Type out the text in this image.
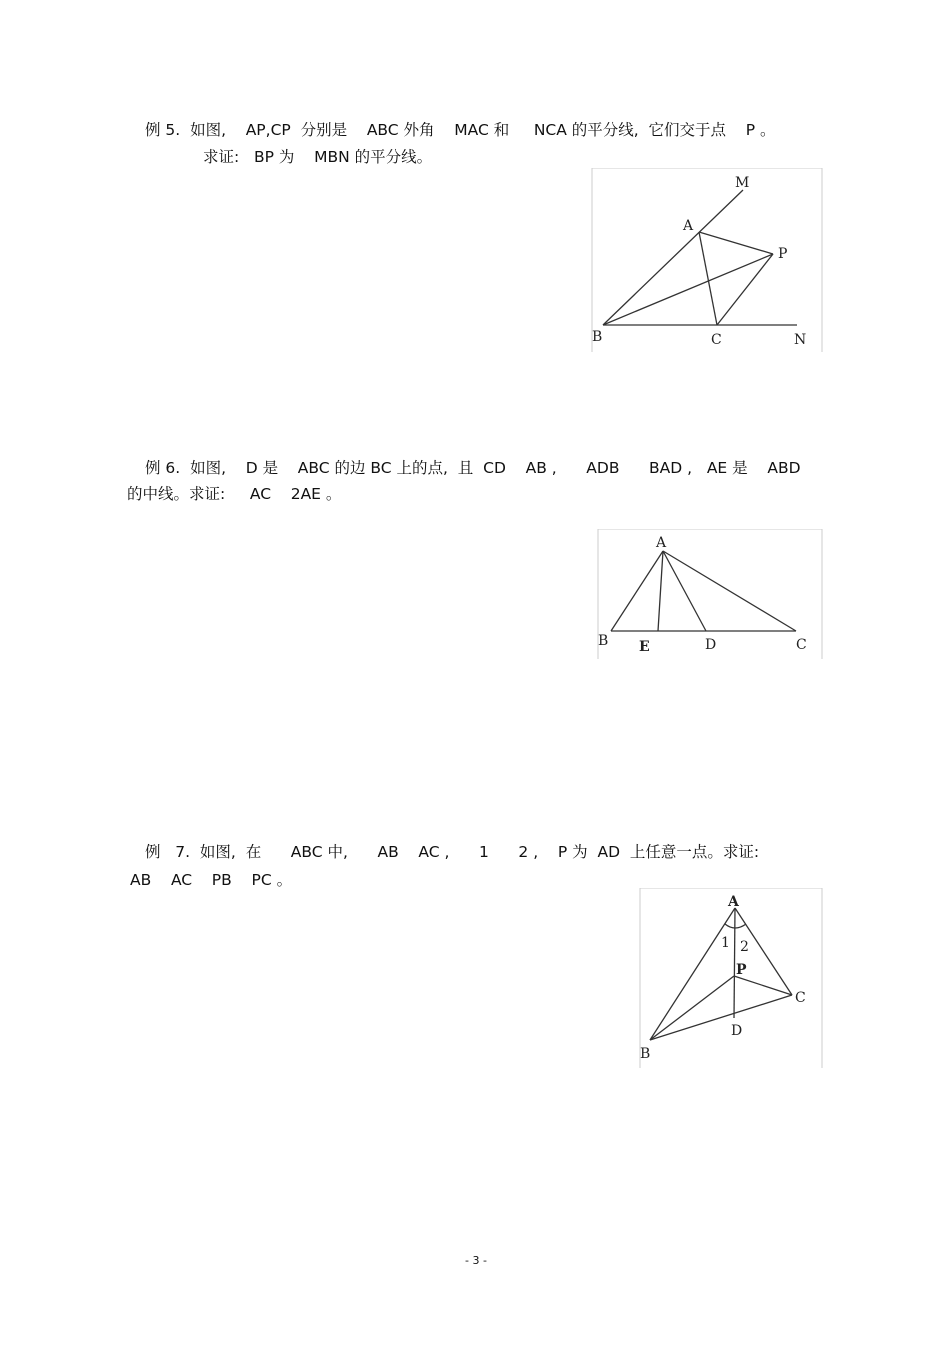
例 5.  如图,    AP,CP  分别是    ABC 外角    MAC 和     NCA 的平分线,  它们交于点    P 。
求证:   BP 为    MBN 的平分线。
M
A
P
B	C	N
例 6.  如图,    D 是    ABC 的边 BC 上的点,  且  CD    AB ,      ADB      BAD ,   AE 是    ABD
的中线。求证:     AC    2AE 。
A
B E	D	C
例   7.  如图,  在      ABC 中,      AB    AC ,      1      2 ,    P 为  AD  上任意一点。求证:
AB    AC    PB    PC 。
A
1 2
P
C
D
B
- 3 -
